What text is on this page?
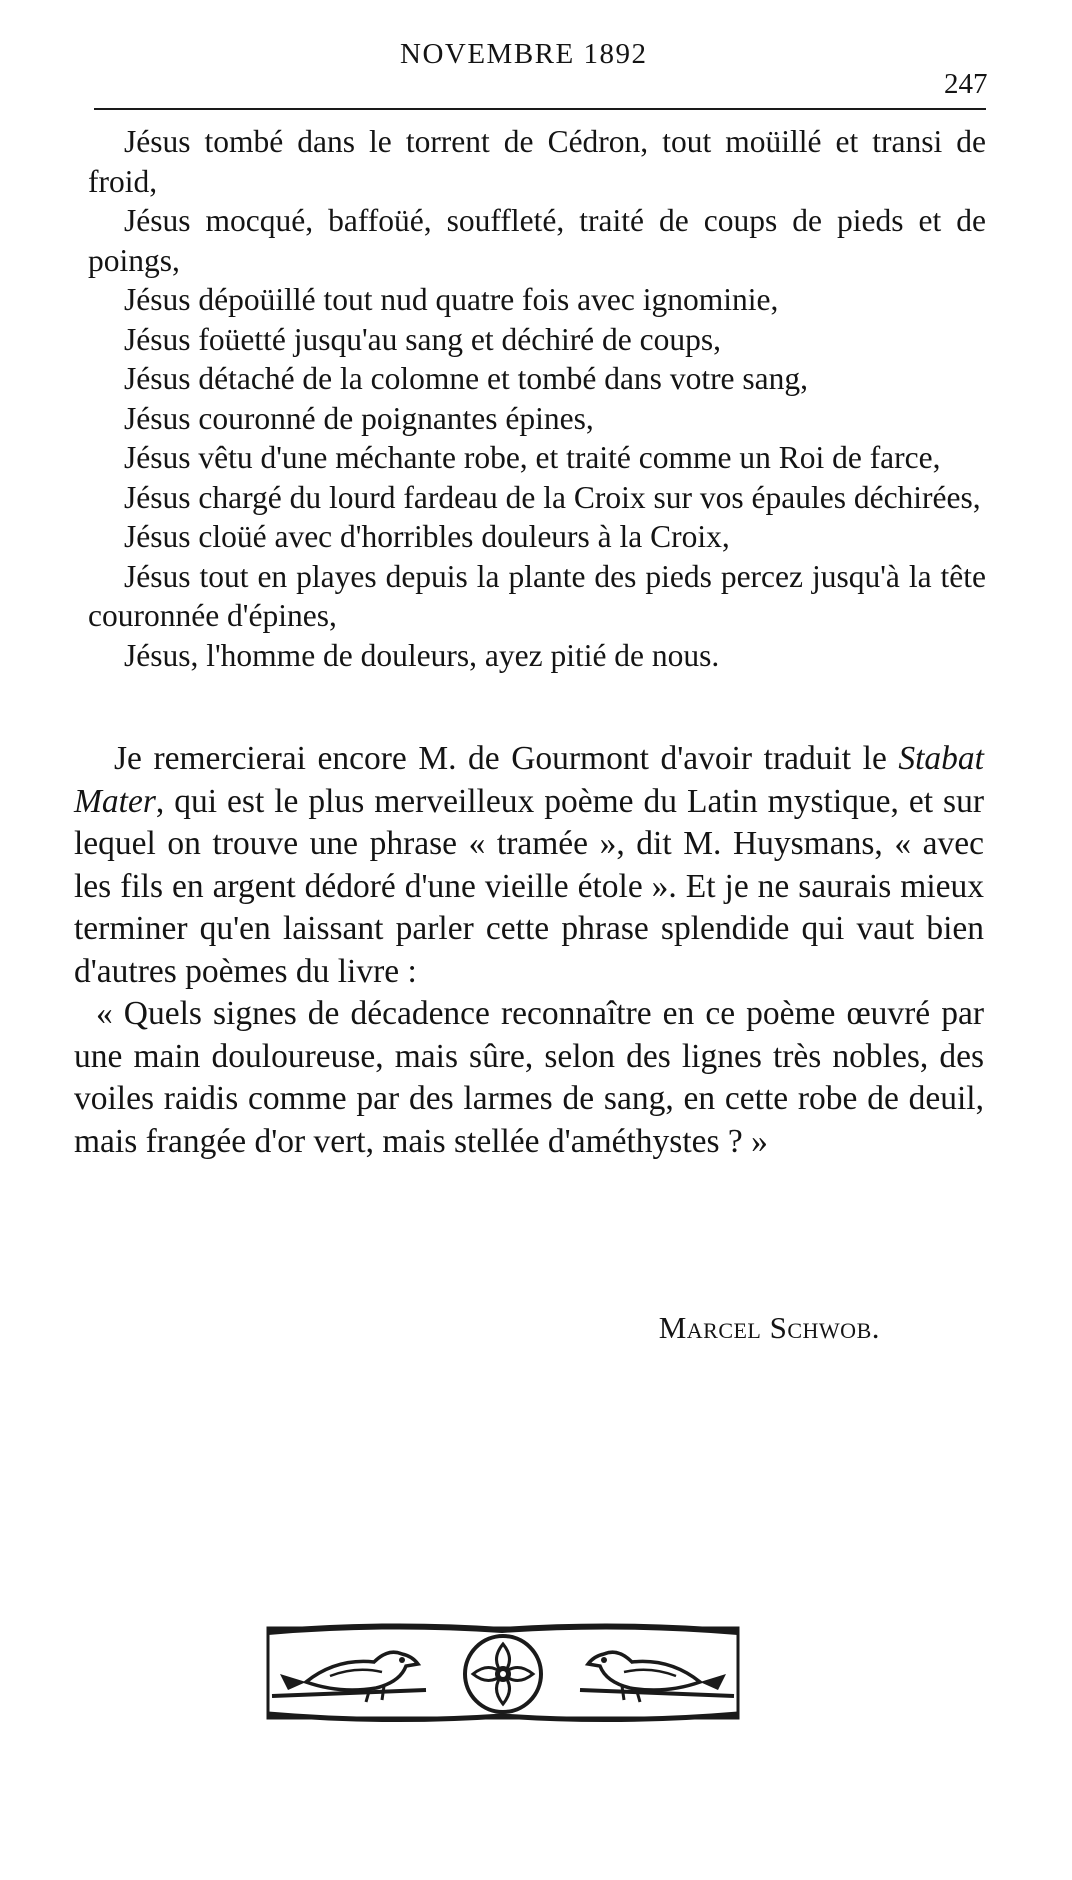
NOVEMBRE 1892
247

Jésus tombé dans le torrent de Cédron, tout moüillé et transi de froid,

Jésus mocqué, baffoüé, souffleté, traité de coups de pieds et de poings,

Jésus dépoüillé tout nud quatre fois avec ignominie,

Jésus foüetté jusqu'au sang et déchiré de coups,

Jésus détaché de la colomne et tombé dans votre sang,

Jésus couronné de poignantes épines,

Jésus vêtu d'une méchante robe, et traité comme un Roi de farce,

Jésus chargé du lourd fardeau de la Croix sur vos épaules déchirées,

Jésus cloüé avec d'horribles douleurs à la Croix,

Jésus tout en playes depuis la plante des pieds percez jusqu'à la tête couronnée d'épines,

Jésus, l'homme de douleurs, ayez pitié de nous.

Je remercierai encore M. de Gourmont d'avoir traduit le Stabat Mater, qui est le plus merveilleux poème du Latin mystique, et sur lequel on trouve une phrase « tramée », dit M. Huysmans, « avec les fils en argent dédoré d'une vieille étole ». Et je ne saurais mieux terminer qu'en laissant parler cette phrase splendide qui vaut bien d'autres poèmes du livre :

« Quels signes de décadence reconnaître en ce poème œuvré par une main douloureuse, mais sûre, selon des lignes très nobles, des voiles raidis comme par des larmes de sang, en cette robe de deuil, mais frangée d'or vert, mais stellée d'améthystes ? »

Marcel Schwob.
